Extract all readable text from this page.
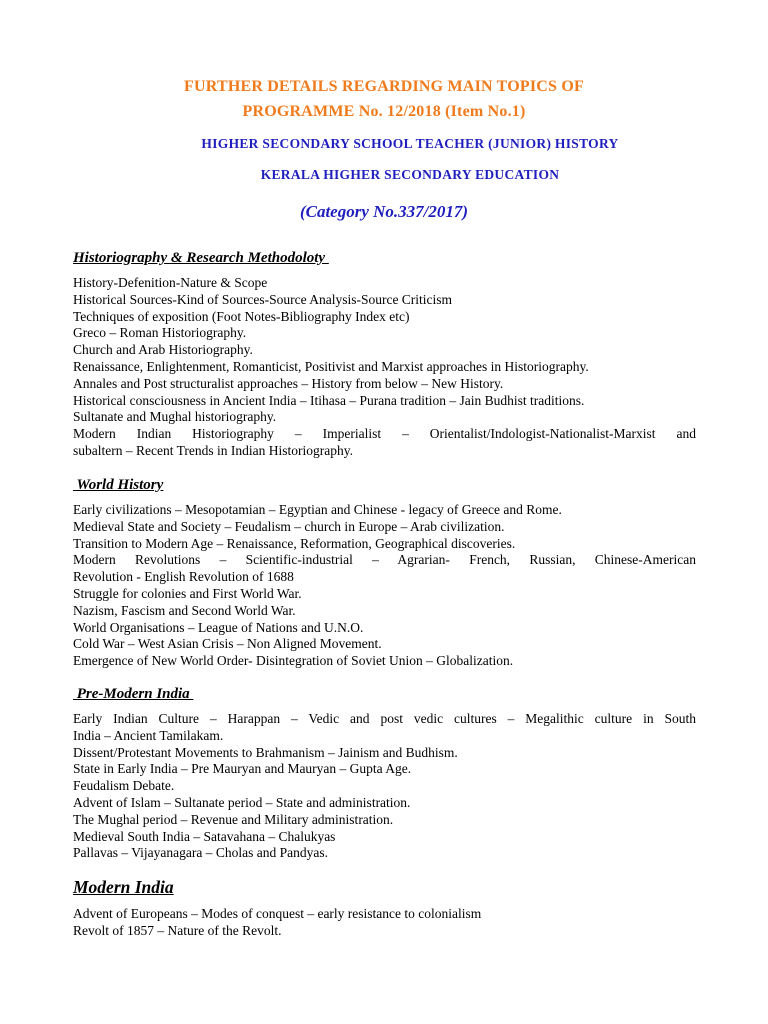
FURTHER DETAILS REGARDING MAIN TOPICS OF
PROGRAMME No. 12/2018 (Item No.1)
HIGHER SECONDARY SCHOOL TEACHER (JUNIOR) HISTORY
KERALA HIGHER SECONDARY EDUCATION
(Category No.337/2017)

Historiography & Research Methodoloty

History-Defenition-Nature & Scope

Historical Sources-Kind of Sources-Source Analysis-Source Criticism

Techniques of exposition (Foot Notes-Bibliography Index etc)

Greco – Roman Historiography.

Church and Arab Historiography.

Renaissance, Enlightenment, Romanticist, Positivist and Marxist approaches in Historiography.

Annales and Post structuralist approaches – History from below – New History.

Historical consciousness in Ancient India – Itihasa – Purana tradition – Jain Budhist traditions.

Sultanate and Mughal historiography.

Modern Indian Historiography – Imperialist – Orientalist/Indologist-Nationalist-Marxist and

subaltern – Recent Trends in Indian Historiography.

World History

Early civilizations – Mesopotamian – Egyptian and Chinese - legacy of Greece and Rome.

Medieval State and Society – Feudalism – church in Europe – Arab civilization.

Transition to Modern Age – Renaissance, Reformation, Geographical discoveries.

Modern Revolutions – Scientific-industrial – Agrarian- French, Russian, Chinese-American

Revolution - English Revolution of 1688

Struggle for colonies and First World War.

Nazism, Fascism and Second World War.

World Organisations – League of Nations and U.N.O.

Cold War – West Asian Crisis – Non Aligned Movement.

Emergence of New World Order- Disintegration of Soviet Union – Globalization.

Pre-Modern India

Early Indian Culture – Harappan – Vedic and post vedic cultures – Megalithic culture in South

India – Ancient Tamilakam.

Dissent/Protestant Movements to Brahmanism – Jainism and Budhism.

State in Early India – Pre Mauryan and Mauryan – Gupta Age.

Feudalism Debate.

Advent of Islam – Sultanate period – State and administration.

The Mughal period – Revenue and Military administration.

Medieval South India – Satavahana – Chalukyas

Pallavas – Vijayanagara – Cholas and Pandyas.

Modern India

Advent of Europeans – Modes of conquest – early resistance to colonialism

Revolt of 1857 – Nature of the Revolt.
